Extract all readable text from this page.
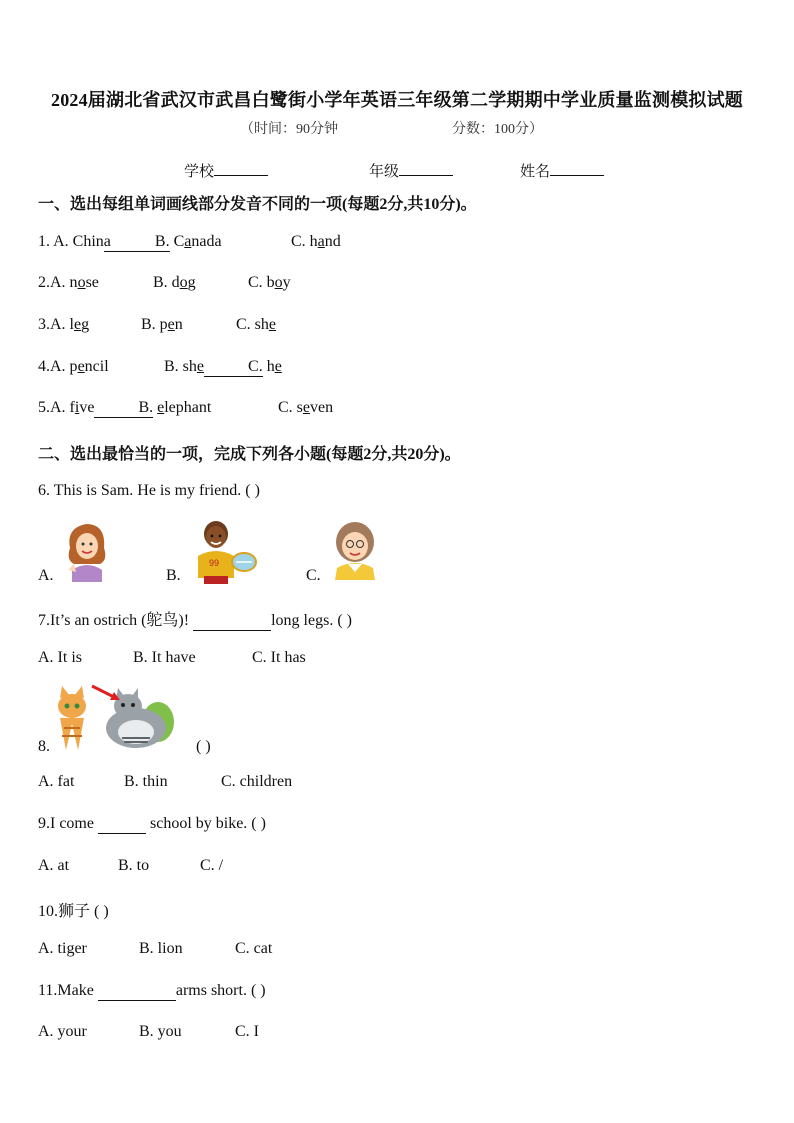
2024届湖北省武汉市武昌白鹭街小学年英语三年级第二学期期中学业质量监测模拟试题
（时间：90分钟	分数：100分）
学校	年级	姓名
一、选出每组单词画线部分发音不同的一项(每题2分,共10分)。
1. A. China	B. Canada	C. hand
2.A. nose	B. dog	C. boy
3.A. leg	B. pen	C. she
4.A. pencil	B. she	C. he
5.A. five	B. elephant	C. seven
二、选出最恰当的一项，完成下列各小题(每题2分,共20分)。
6. This is Sam. He is my friend. ( )
A.	B.
99
C.
7.It’s an ostrich (鸵鸟)!	long legs. ( )
A. It is	B. It have	C. It has
8.	( )
A. fat	B. thin	C. children
9.I come	school by bike. ( )
A. at	B. to	C. /
10.狮子 ( )
A. tiger	B. lion	C. cat
11.Make	arms short. ( )
A. your	B. you	C. I
